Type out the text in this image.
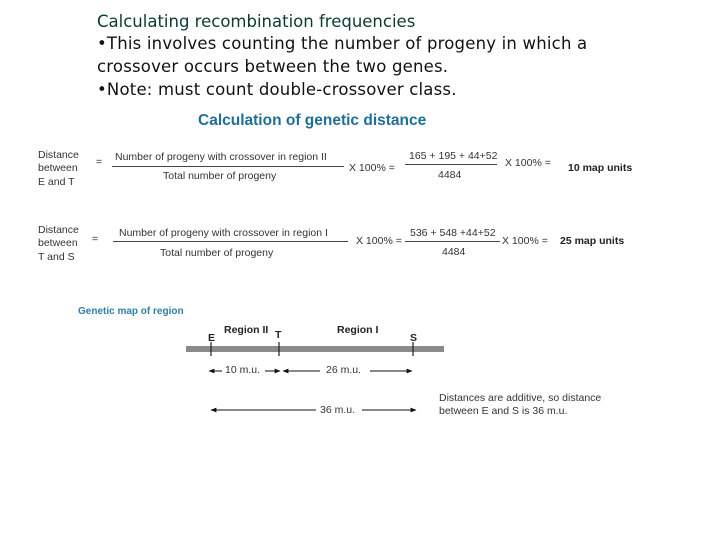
Calculating recombination frequencies
•This involves counting the number of progeny in which a
crossover occurs between the two genes.
•Note: must count double-crossover class.
Calculation of genetic distance
Distance
between
E and T
= Number of progeny with crossover in region II
Total number of progeny
X 100% =
165 + 195 + 44+52
4484
X 100% = 10 map units
Distance
between
T and S
= Number of progeny with crossover in region I
Total number of progeny
X 100% =
536 + 548 +44+52
4484
X 100% = 25 map units
Genetic map of region
Region II	Region I
E	T	S
10 m.u.	26 m.u.
36 m.u.
Distances are additive, so distance
between E and S is 36 m.u.
